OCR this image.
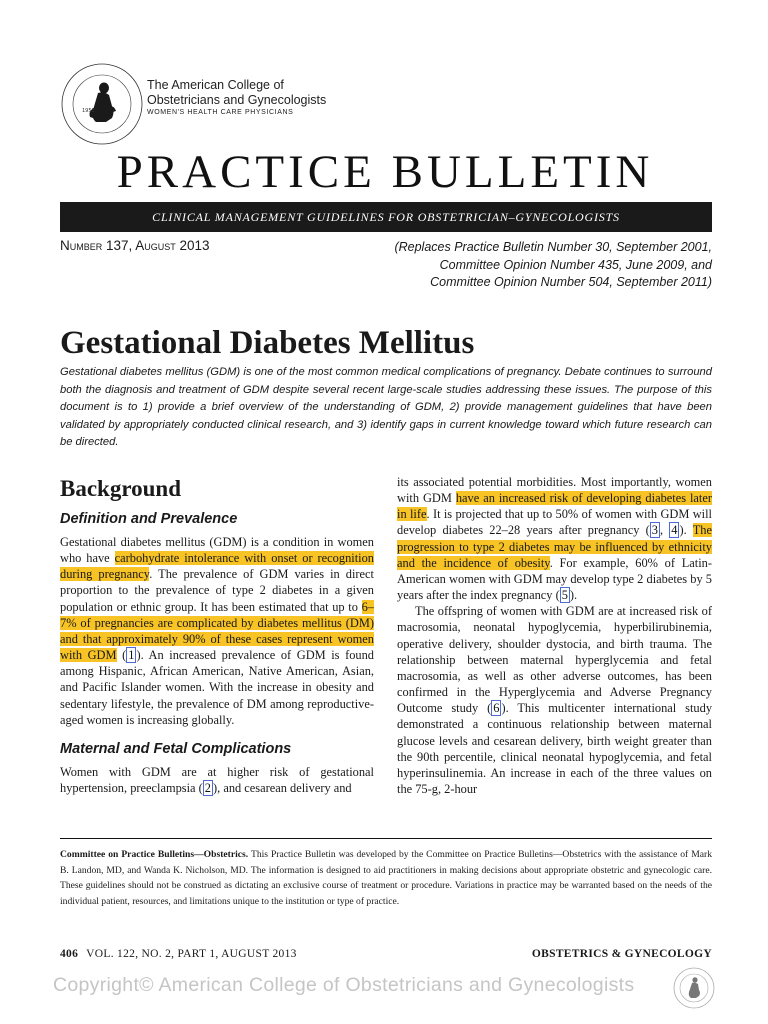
1951
The American College of
Obstetricians and Gynecologists
WOMEN'S HEALTH CARE PHYSICIANS
PRACTICE BULLETIN
CLINICAL MANAGEMENT GUIDELINES FOR OBSTETRICIAN–GYNECOLOGISTS
Number 137, August 2013	(Replaces Practice Bulletin Number 30, September 2001,
Committee Opinion Number 435, June 2009, and
Committee Opinion Number 504, September 2011)
Gestational Diabetes Mellitus
Gestational diabetes mellitus (GDM) is one of the most common medical complications of pregnancy. Debate continues to surround both the diagnosis and treatment of GDM despite several recent large-scale studies addressing these issues. The purpose of this document is to 1) provide a brief overview of the understanding of GDM, 2) provide management guidelines that have been validated by appropriately conducted clinical research, and 3) identify gaps in current knowledge toward which future research can be directed.
Background
Definition and Prevalence

Gestational diabetes mellitus (GDM) is a condition in women who have carbohydrate intolerance with onset or recognition during pregnancy. The prevalence of GDM varies in direct proportion to the prevalence of type 2 diabetes in a given population or ethnic group. It has been estimated that up to 6–7% of pregnancies are complicated by diabetes mellitus (DM) and that approximately 90% of these cases represent women with GDM ( 1 ). An increased prevalence of GDM is found among Hispanic, African American, Native American, Asian, and Pacific Islander women. With the increase in obesity and sedentary lifestyle, the prevalence of DM among reproductive-aged women is increasing globally.

Maternal and Fetal Complications

Women with GDM are at higher risk of gestational hypertension, preeclampsia ( 2 ), and cesarean delivery and

its associated potential morbidities. Most importantly, women with GDM have an increased risk of developing diabetes later in life. It is projected that up to 50% of women with GDM will develop diabetes 22–28 years after pregnancy ( 3 , 4 ). The progression to type 2 diabetes may be influenced by ethnicity and the incidence of obesity. For example, 60% of Latin-American women with GDM may develop type 2 diabetes by 5 years after the index pregnancy ( 5 ).

The offspring of women with GDM are at increased risk of macrosomia, neonatal hypoglycemia, hyperbilirubinemia, operative delivery, shoulder dystocia, and birth trauma. The relationship between maternal hyperglycemia and fetal macrosomia, as well as other adverse outcomes, has been confirmed in the Hyperglycemia and Adverse Pregnancy Outcome study ( 6 ). This multicenter international study demonstrated a continuous relationship between maternal glucose levels and cesarean delivery, birth weight greater than the 90th percentile, clinical neonatal hypoglycemia, and fetal hyperinsulinemia. An increase in each of the three values on the 75-g, 2-hour

Committee on Practice Bulletins—Obstetrics. This Practice Bulletin was developed by the Committee on Practice Bulletins—Obstetrics with the assistance of Mark B. Landon, MD, and Wanda K. Nicholson, MD. The information is designed to aid practitioners in making decisions about appropriate obstetric and gynecologic care. These guidelines should not be construed as dictating an exclusive course of treatment or procedure. Variations in practice may be warranted based on the needs of the individual patient, resources, and limitations unique to the institution or type of practice.
406 VOL. 122, NO. 2, PART 1, AUGUST 2013	OBSTETRICS & GYNECOLOGY
Copyright© American College of Obstetricians and Gynecologists
